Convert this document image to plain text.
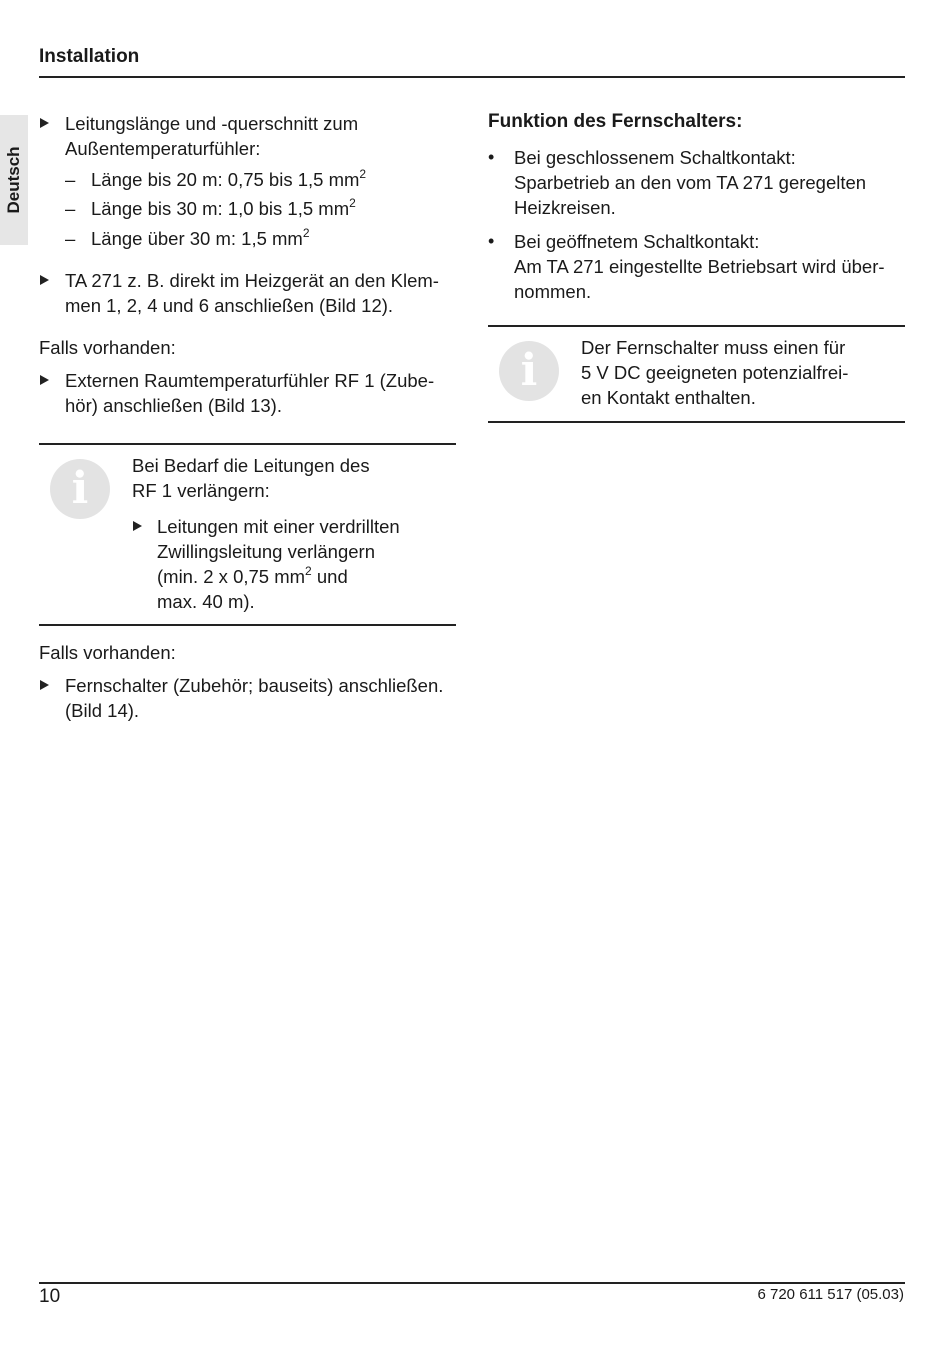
Installation
Deutsch
Leitungslänge und -querschnitt zum
Außentemperaturfühler:
– Länge bis 20 m: 0,75 bis 1,5 $mm^2$
– Länge bis 30 m: 1,0 bis 1,5 $mm^2$
– Länge über 30 m: 1,5 $mm^2$
TA 271 z. B. direkt im Heizgerät an den Klem-
men 1, 2, 4 und 6 anschließen (Bild 12).
Falls vorhanden:
Externen Raumtemperaturfühler RF 1 (Zube-
hör) anschließen (Bild 13).
i	Bei Bedarf die Leitungen des
RF 1 verlängern:
Leitungen mit einer verdrillten
Zwillingsleitung verlängern
(min. 2 x 0,75 $mm^2$ und
max. 40 m).
Falls vorhanden:
Fernschalter (Zubehör; bauseits) anschließen.
(Bild 14).
Funktion des Fernschalters:
• Bei geschlossenem Schaltkontakt:
Sparbetrieb an den vom TA 271 geregelten
Heizkreisen.
• Bei geöffnetem Schaltkontakt:
Am TA 271 eingestellte Betriebsart wird über-
nommen.
i	Der Fernschalter muss einen für
5 V DC geeigneten potenzialfrei-
en Kontakt enthalten.
10	6 720 611 517 (05.03)
